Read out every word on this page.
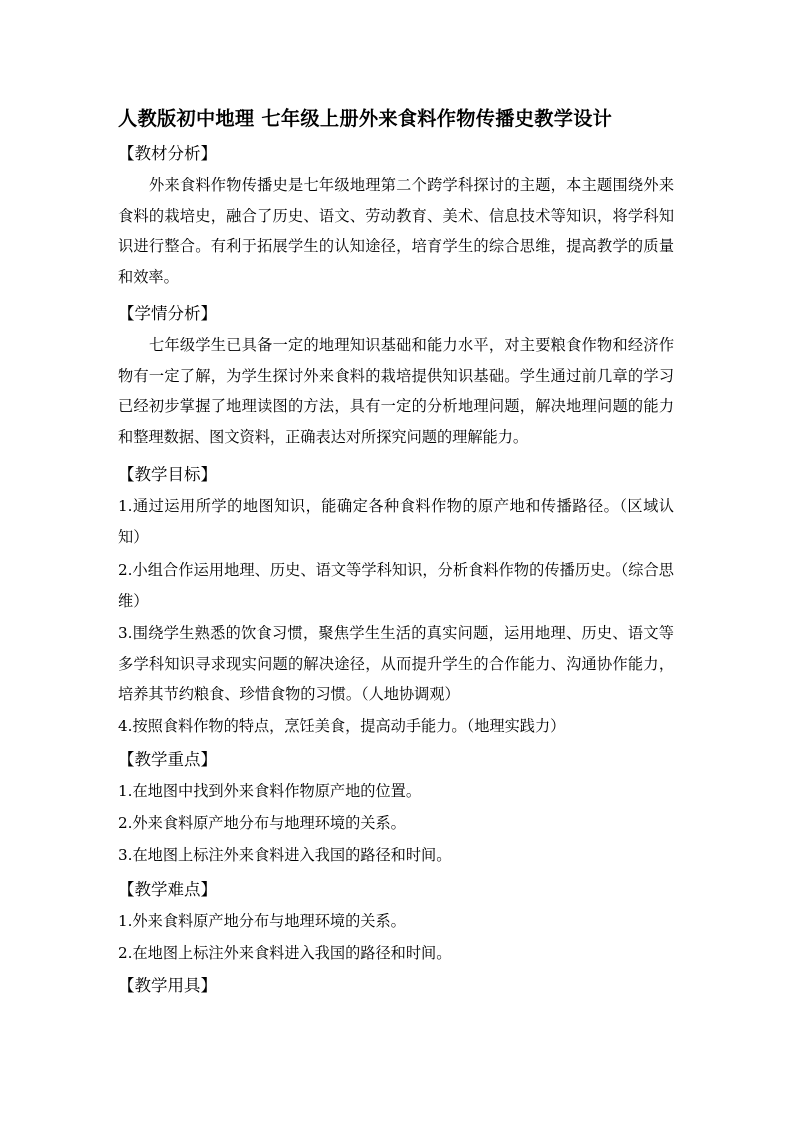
人教版初中地理 七年级上册外来食料作物传播史教学设计
【教材分析】

外来食料作物传播史是七年级地理第二个跨学科探讨的主题，本主题围绕外来食料的栽培史，融合了历史、语文、劳动教育、美术、信息技术等知识，将学科知识进行整合。有利于拓展学生的认知途径，培育学生的综合思维，提高教学的质量和效率。

【学情分析】

七年级学生已具备一定的地理知识基础和能力水平，对主要粮食作物和经济作物有一定了解，为学生探讨外来食料的栽培提供知识基础。学生通过前几章的学习已经初步掌握了地理读图的方法，具有一定的分析地理问题，解决地理问题的能力和整理数据、图文资料，正确表达对所探究问题的理解能力。

【教学目标】

1.通过运用所学的地图知识，能确定各种食料作物的原产地和传播路径。（区域认知）

2.小组合作运用地理、历史、语文等学科知识，分析食料作物的传播历史。（综合思维）

3.围绕学生熟悉的饮食习惯，聚焦学生生活的真实问题，运用地理、历史、语文等多学科知识寻求现实问题的解决途径，从而提升学生的合作能力、沟通协作能力，培养其节约粮食、珍惜食物的习惯。（人地协调观）

4.按照食料作物的特点，烹饪美食，提高动手能力。（地理实践力）

【教学重点】

1.在地图中找到外来食料作物原产地的位置。

2.外来食料原产地分布与地理环境的关系。

3.在地图上标注外来食料进入我国的路径和时间。

【教学难点】

1.外来食料原产地分布与地理环境的关系。

2.在地图上标注外来食料进入我国的路径和时间。

【教学用具】
